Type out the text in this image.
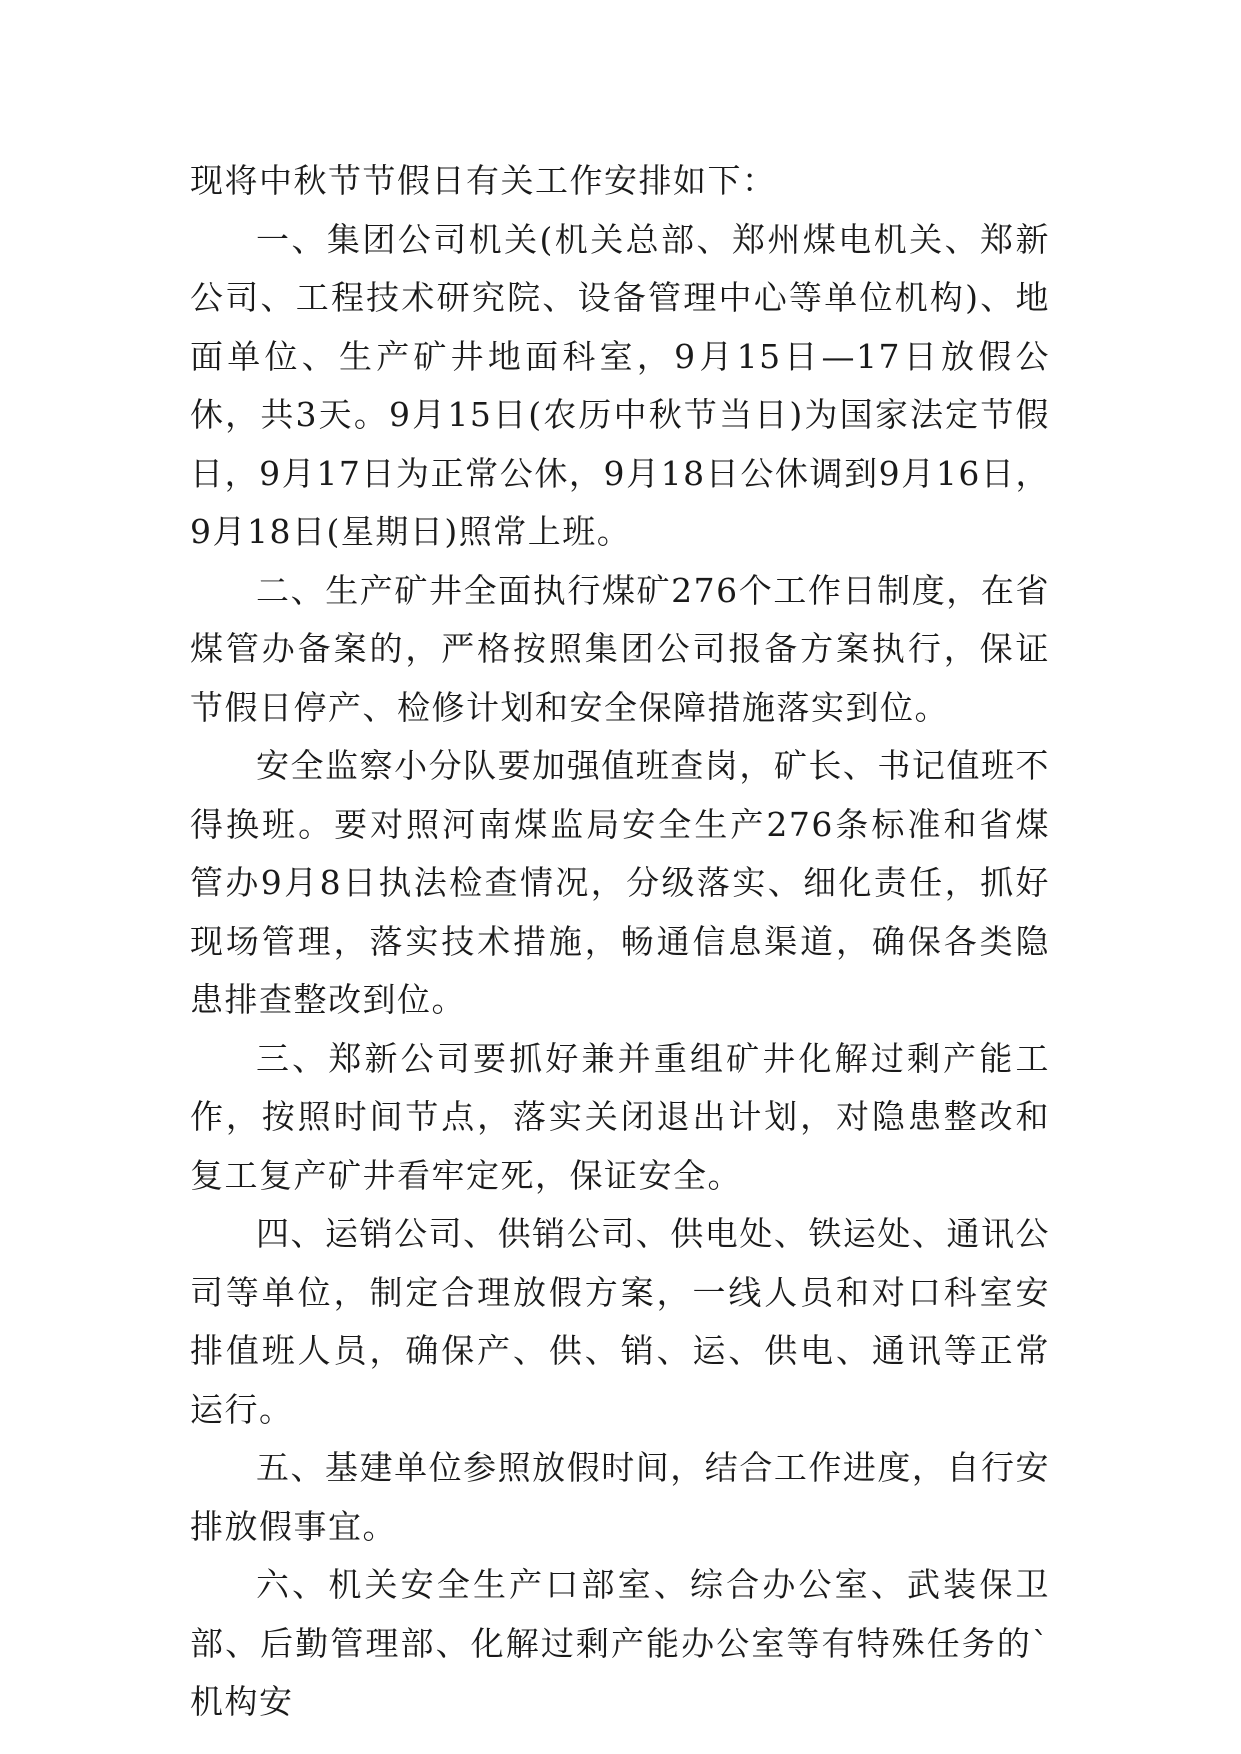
现将中秋节节假日有关工作安排如下：

一、集团公司机关(机关总部、郑州煤电机关、郑新公司、工程技术研究院、设备管理中心等单位机构)、地面单位、生产矿井地面科室，9月15日—17日放假公休，共3天。9月15日(农历中秋节当日)为国家法定节假日，9月17日为正常公休，9月18日公休调到9月16日，9月18日(星期日)照常上班。

二、生产矿井全面执行煤矿276个工作日制度，在省煤管办备案的，严格按照集团公司报备方案执行，保证节假日停产、检修计划和安全保障措施落实到位。

安全监察小分队要加强值班查岗，矿长、书记值班不得换班。要对照河南煤监局安全生产276条标准和省煤管办9月8日执法检查情况，分级落实、细化责任，抓好现场管理，落实技术措施，畅通信息渠道，确保各类隐患排查整改到位。

三、郑新公司要抓好兼并重组矿井化解过剩产能工作，按照时间节点，落实关闭退出计划，对隐患整改和复工复产矿井看牢定死，保证安全。

四、运销公司、供销公司、供电处、铁运处、通讯公司等单位，制定合理放假方案，一线人员和对口科室安排值班人员，确保产、供、销、运、供电、通讯等正常运行。

五、基建单位参照放假时间，结合工作进度，自行安排放假事宜。

六、机关安全生产口部室、综合办公室、武装保卫部、后勤管理部、化解过剩产能办公室等有特殊任务的`机构安
